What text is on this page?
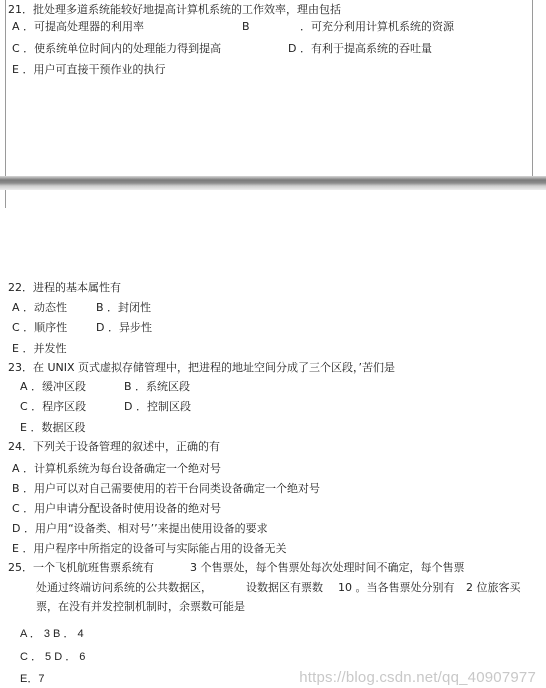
21．批处理多道系统能较好地提高计算机系统的工作效率，理由包括
A ．可提高处理器的利用率	B	．可充分利用计算机系统的资源
C ．使系统单位时间内的处理能力得到提高	D ．有利于提高系统的吞吐量
E ．用户可直接干预作业的执行
22．进程的基本属性有
A ．动态性	B ．封闭性
C ．顺序性	D ．异步性
E ．并发性
23．在 UNIX 页式虚拟存储管理中，把进程的地址空间分成了三个区段，’苦们是
A ．缓冲区段	B ．系统区段
C ．程序区段	D ．控制区段
E ．数据区段
24．下列关于设备管理的叙述中，正确的有
A ．计算机系统为每台设备确定一个绝对号
B ．用户可以对自己需要使用的若干台同类设备确定一个绝对号
C ．用户申请分配设备时使用设备的绝对号
D ．用户用“设备类、相对号’’来提出使用设备的要求
E ．用户程序中所指定的设备可与实际能占用的设备无关
25．一个飞机航班售票系统有	3 个售票处，每个售票处每次处理时间不确定，每个售票
处通过终端访问系统的公共数据区，	设数据区有票数 10 。当各售票处分别有 2 位旅客买
票，在没有并发控制机制时，余票数可能是
A ． 3 B ． 4
C ． 5 D ． 6
E．7	https://blog.csdn.net/qq_40907977
